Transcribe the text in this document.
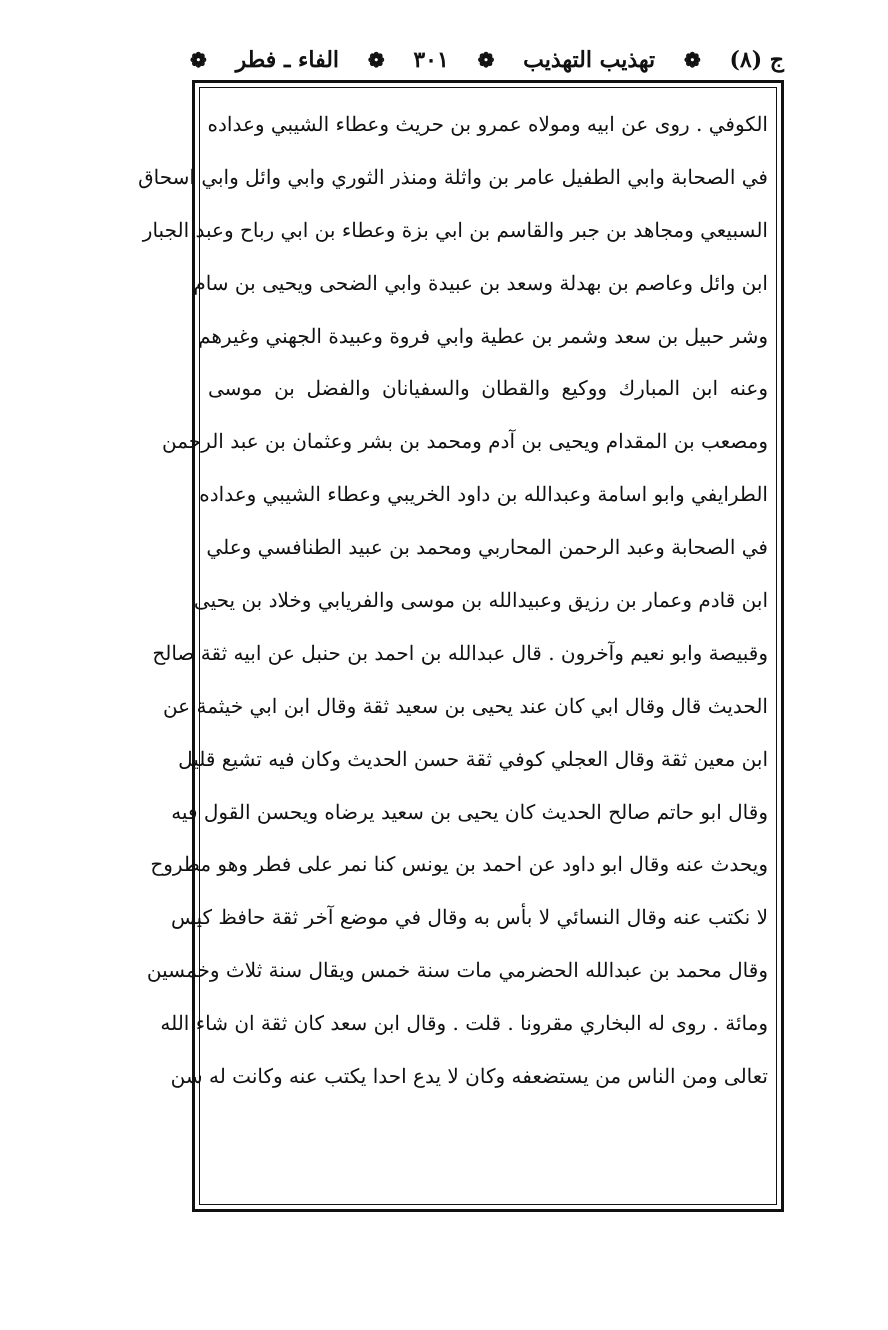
ج (٨)
❁
تهذيب التهذيب
❁
٣٠١
❁
الفاء ـ فطر
❁
الكوفي . روى عن ابيه ومولاه عمرو بن حريث وعطاء الشيبي وعداده
في الصحابة وابي الطفيل عامر بن واثلة ومنذر الثوري وابي وائل وابي اسحاق
السبيعي ومجاهد بن جبر والقاسم بن ابي بزة وعطاء بن ابي رباح وعبد الجبار
ابن وائل وعاصم بن بهدلة وسعد بن عبيدة وابي الضحى ويحيى بن سام
وشر حبيل بن سعد وشمر بن عطية وابي فروة وعبيدة الجهني وغيرهم
وعنه ابن المبارك ووكيع والقطان والسفيانان والفضل بن موسى
ومصعب بن المقدام ويحيى بن آدم ومحمد بن بشر وعثمان بن عبد الرحمن
الطرايفي وابو اسامة وعبدالله بن داود الخريبي وعطاء الشيبي وعداده
في الصحابة وعبد الرحمن المحاربي ومحمد بن عبيد الطنافسي وعلي
ابن قادم وعمار بن رزيق وعبيدالله بن موسى والفريابي وخلاد بن يحيى
وقبيصة وابو نعيم وآخرون . قال عبدالله بن احمد بن حنبل عن ابيه ثقة صالح
الحديث قال وقال ابي كان عند يحيى بن سعيد ثقة وقال ابن ابي خيثمة عن
ابن معين ثقة وقال العجلي كوفي ثقة حسن الحديث وكان فيه تشيع قليل
وقال ابو حاتم صالح الحديث كان يحيى بن سعيد يرضاه ويحسن القول فيه
ويحدث عنه وقال ابو داود عن احمد بن يونس كنا نمر على فطر وهو مطروح
لا نكتب عنه وقال النسائي لا بأس به وقال في موضع آخر ثقة حافظ كيس
وقال محمد بن عبدالله الحضرمي مات سنة خمس ويقال سنة ثلاث وخمسين
ومائة . روى له البخاري مقرونا . قلت . وقال ابن سعد كان ثقة ان شاء الله
تعالى ومن الناس من يستضعفه وكان لا يدع احدا يكتب عنه وكانت له سن
